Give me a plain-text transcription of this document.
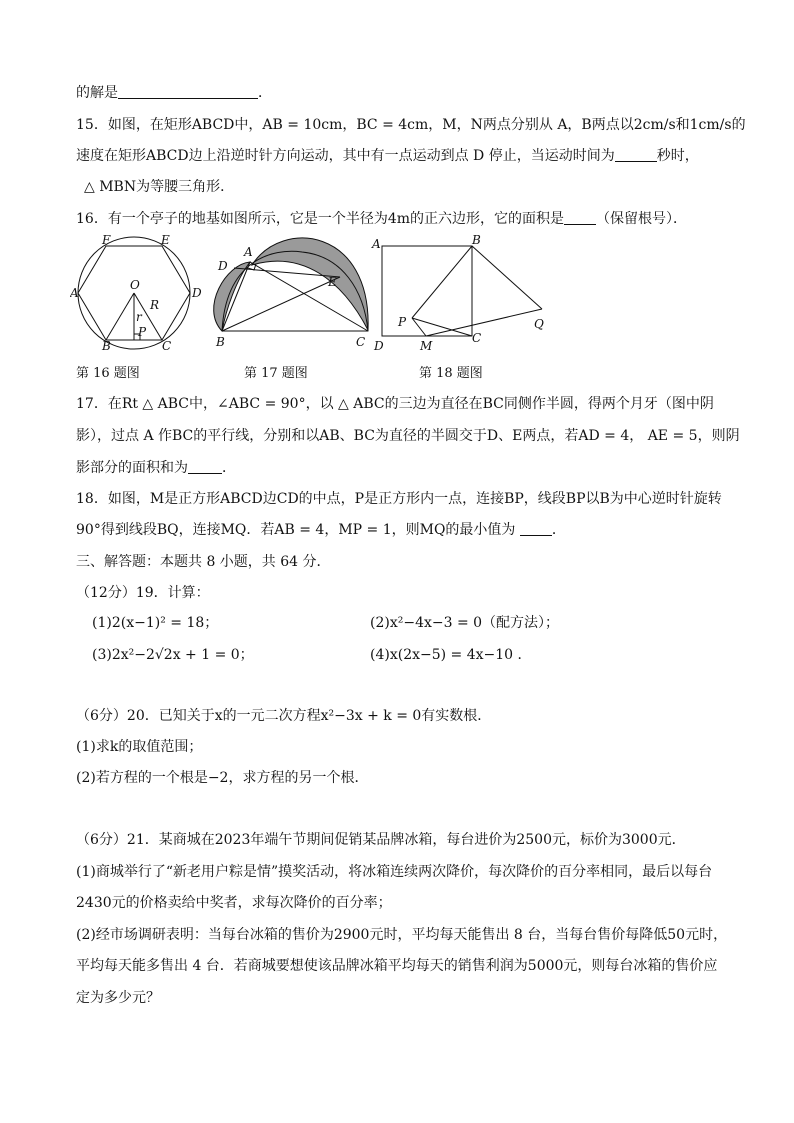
的解是	．
15．如图，在矩形ABCD中，AB = 10cm，BC = 4cm，M，N两点分别从 A，B两点以2cm/s和1cm/s的
速度在矩形ABCD边上沿逆时针方向运动，其中有一点运动到点 D 停止，当运动时间为	秒时，
△ MBN为等腰三角形．
16．有一个亭子的地基如图所示，它是一个半径为4m的正六边形，它的面积是 （保留根号）．
F	E
A	D
O
R
r
P
B	C
D
A
E
B	C
A	B
P	Q
C
D	M
第 16 题图	第 17 题图	第 18 题图
17．在Rt △ ABC中，∠ABC = 90°，以 △ ABC的三边为直径在BC同侧作半圆，得两个月牙（图中阴
影），过点 A 作BC的平行线，分别和以AB、BC为直径的半圆交于D、E两点，若AD = 4， AE = 5，则阴
影部分的面积和为 ．
18．如图，M是正方形ABCD边CD的中点，P是正方形内一点，连接BP，线段BP以B为中心逆时针旋转
90°得到线段BQ，连接MQ．若AB = 4，MP = 1，则MQ的最小值为	．
三、解答题：本题共 8 小题，共 64 分．
（12分）19．计算：
(1)2(x−1)² = 18；	(2)x²−4x−3 = 0（配方法）；
(3)2x²−2√2x + 1 = 0；	(4)x(2x−5) = 4x−10 ．
（6分）20．已知关于x的一元二次方程x²−3x + k = 0有实数根．
(1)求k的取值范围；
(2)若方程的一个根是−2，求方程的另一个根．
（6分）21．某商城在2023年端午节期间促销某品牌冰箱，每台进价为2500元，标价为3000元．
(1)商城举行了“新老用户粽是情”摸奖活动，将冰箱连续两次降价，每次降价的百分率相同，最后以每台
2430元的价格卖给中奖者，求每次降价的百分率；
(2)经市场调研表明：当每台冰箱的售价为2900元时，平均每天能售出 8 台，当每台售价每降低50元时，
平均每天能多售出 4 台．若商城要想使该品牌冰箱平均每天的销售利润为5000元，则每台冰箱的售价应
定为多少元？
